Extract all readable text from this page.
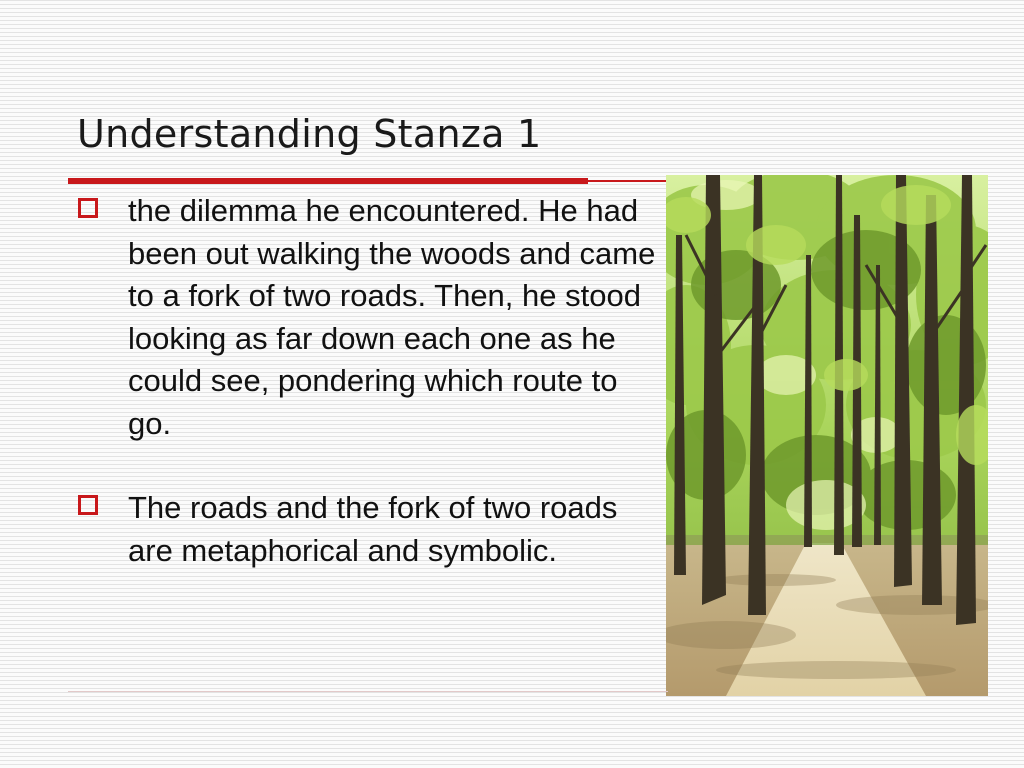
Understanding Stanza 1
the dilemma he encountered. He had been out walking the woods and came to a fork of two roads. Then, he stood looking as far down each one as he could see, pondering which route to go.
The roads and the fork of two roads are metaphorical and symbolic.
